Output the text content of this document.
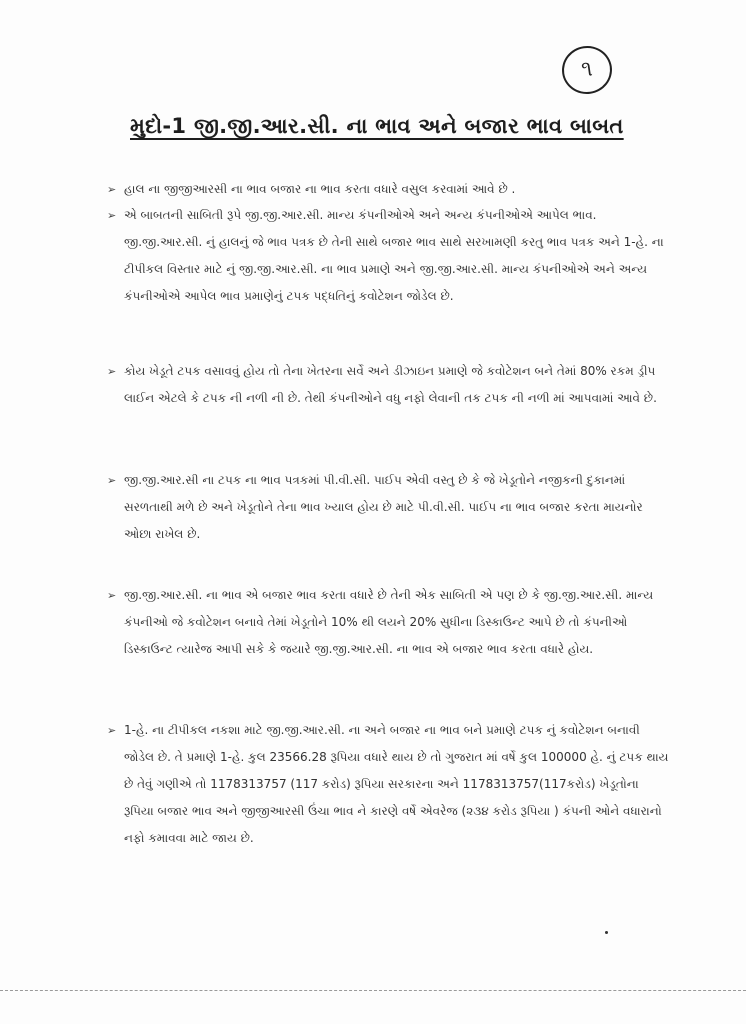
૧
મુદો-1 જી.જી.આર.સી. ના ભાવ અને બજાર ભાવ બાબત
➢ હાલ ના જીજીઆરસી ના ભાવ બજાર ના ભાવ કરતા વધારે વસુલ કરવામાં આવે છે .
➢ એ બાબતની સાબિતી રૂપે જી.જી.આર.સી. માન્ય કંપનીઓએ અને અન્ય કંપનીઓએ આપેલ ભાવ. જી.જી.આર.સી. નું હાલનું જે ભાવ પત્રક છે તેની સાથે બજાર ભાવ સાથે સરખામણી કરતુ ભાવ પત્રક અને 1-હે. ના ટીપીકલ વિસ્તાર માટે નું જી.જી.આર.સી. ના ભાવ પ્રમાણે અને જી.જી.આર.સી. માન્ય કંપનીઓએ અને અન્ય કંપનીઓએ આપેલ ભાવ પ્રમાણેનું ટપક પદ્ધતિનું કવોટેશન જોડેલ છે.
➢ કોય ખેડૂતે ટપક વસાવવું હોય તો તેના ખેતરના સર્વે અને ડીઝાઇન પ્રમાણે જે કવોટેશન બને તેમાં 80% રકમ ડ્રીપ લાઈન એટલે કે ટપક ની નળી ની છે. તેથી કંપનીઓને વધુ નફો લેવાની તક ટપક ની નળી માં આપવામાં આવે છે.
➢ જી.જી.આર.સી ના ટપક ના ભાવ પત્રકમાં પી.વી.સી. પાઈપ એવી વસ્તુ છે કે જે ખેડૂતોને નજીકની દુકાનમાં સરળતાથી મળે છે અને ખેડૂતોને તેના ભાવ ખ્યાલ હોય છે માટે પી.વી.સી. પાઈપ ના ભાવ બજાર કરતા માયનોર ઓછા રાખેલ છે.
➢ જી.જી.આર.સી. ના ભાવ એ બજાર ભાવ કરતા વધારે છે તેની એક સાબિતી એ પણ છે કે જી.જી.આર.સી. માન્ય કંપનીઓ જે કવોટેશન બનાવે તેમાં ખેડૂતોને 10% થી લયને 20% સુધીના ડિસ્કાઉન્ટ આપે છે તો કંપનીઓ ડિસ્કાઉન્ટ ત્યારેજ આપી સકે કે જયારે જી.જી.આર.સી. ના ભાવ એ બજાર ભાવ કરતા વધારે હોય.
➢ 1-હે. ના ટીપીકલ નકશા માટે જી.જી.આર.સી. ના અને બજાર ના ભાવ બને પ્રમાણે ટપક નું કવોટેશન બનાવી જોડેલ છે. તે પ્રમાણે 1-હે. કુલ 23566.28 રૂપિયા વધારે થાય છે તો ગુજરાત માં વર્ષે કુલ 100000 હે. નું ટપક થાય છે તેવું ગણીએ તો 1178313757 (117 કરોડ) રૂપિયા સરકારના અને 1178313757(117કરોડ) ખેડૂતોના રૂપિયા બજાર ભાવ અને જીજીઆરસી ઉંચા ભાવ ને કારણે વર્ષે એવરેજ (૨૩૪ કરોડ રૂપિયા ) કંપની ઓને વધારાનો નફો કમાવવા માટે જાય છે.
